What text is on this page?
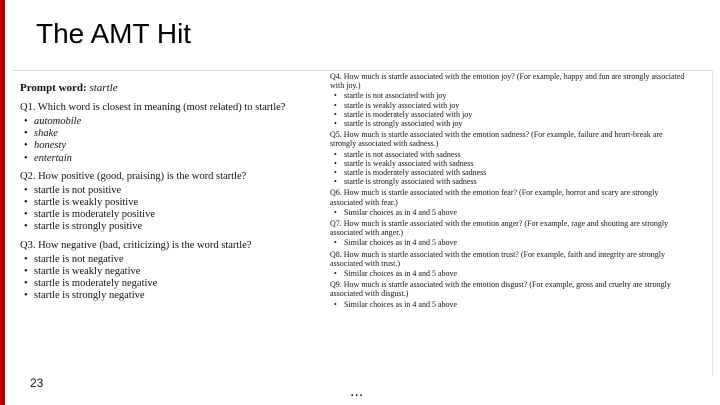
The AMT Hit
Prompt word: startle
Q1. Which word is closest in meaning (most related) to startle?
• automobile
• shake
• honesty
• entertain
Q2. How positive (good, praising) is the word startle?
• startle is not positive
• startle is weakly positive
• startle is moderately positive
• startle is strongly positive
Q3. How negative (bad, criticizing) is the word startle?
• startle is not negative
• startle is weakly negative
• startle is moderately negative
• startle is strongly negative
Q4. How much is startle associated with the emotion joy? (For example, happy and fun are strongly associated with joy.)
• startle is not associated with joy
• startle is weakly associated with joy
• startle is moderately associated with joy
• startle is strongly associated with joy
Q5. How much is startle associated with the emotion sadness? (For example, failure and heart-break are strongly associated with sadness.)
• startle is not associated with sadness
• startle is weakly associated with sadness
• startle is moderately associated with sadness
• startle is strongly associated with sadness
Q6. How much is startle associated with the emotion fear? (For example, horror and scary are strongly associated with fear.)
• Similar choices as in 4 and 5 above
Q7. How much is startle associated with the emotion anger? (For example, rage and shouting are strongly associated with anger.)
• Similar choices as in 4 and 5 above
Q8. How much is startle associated with the emotion trust? (For example, faith and integrity are strongly associated with trust.)
• Similar choices as in 4 and 5 above
Q9. How much is startle associated with the emotion disgust? (For example, gross and cruelty are strongly associated with disgust.)
• Similar choices as in 4 and 5 above
23	...
